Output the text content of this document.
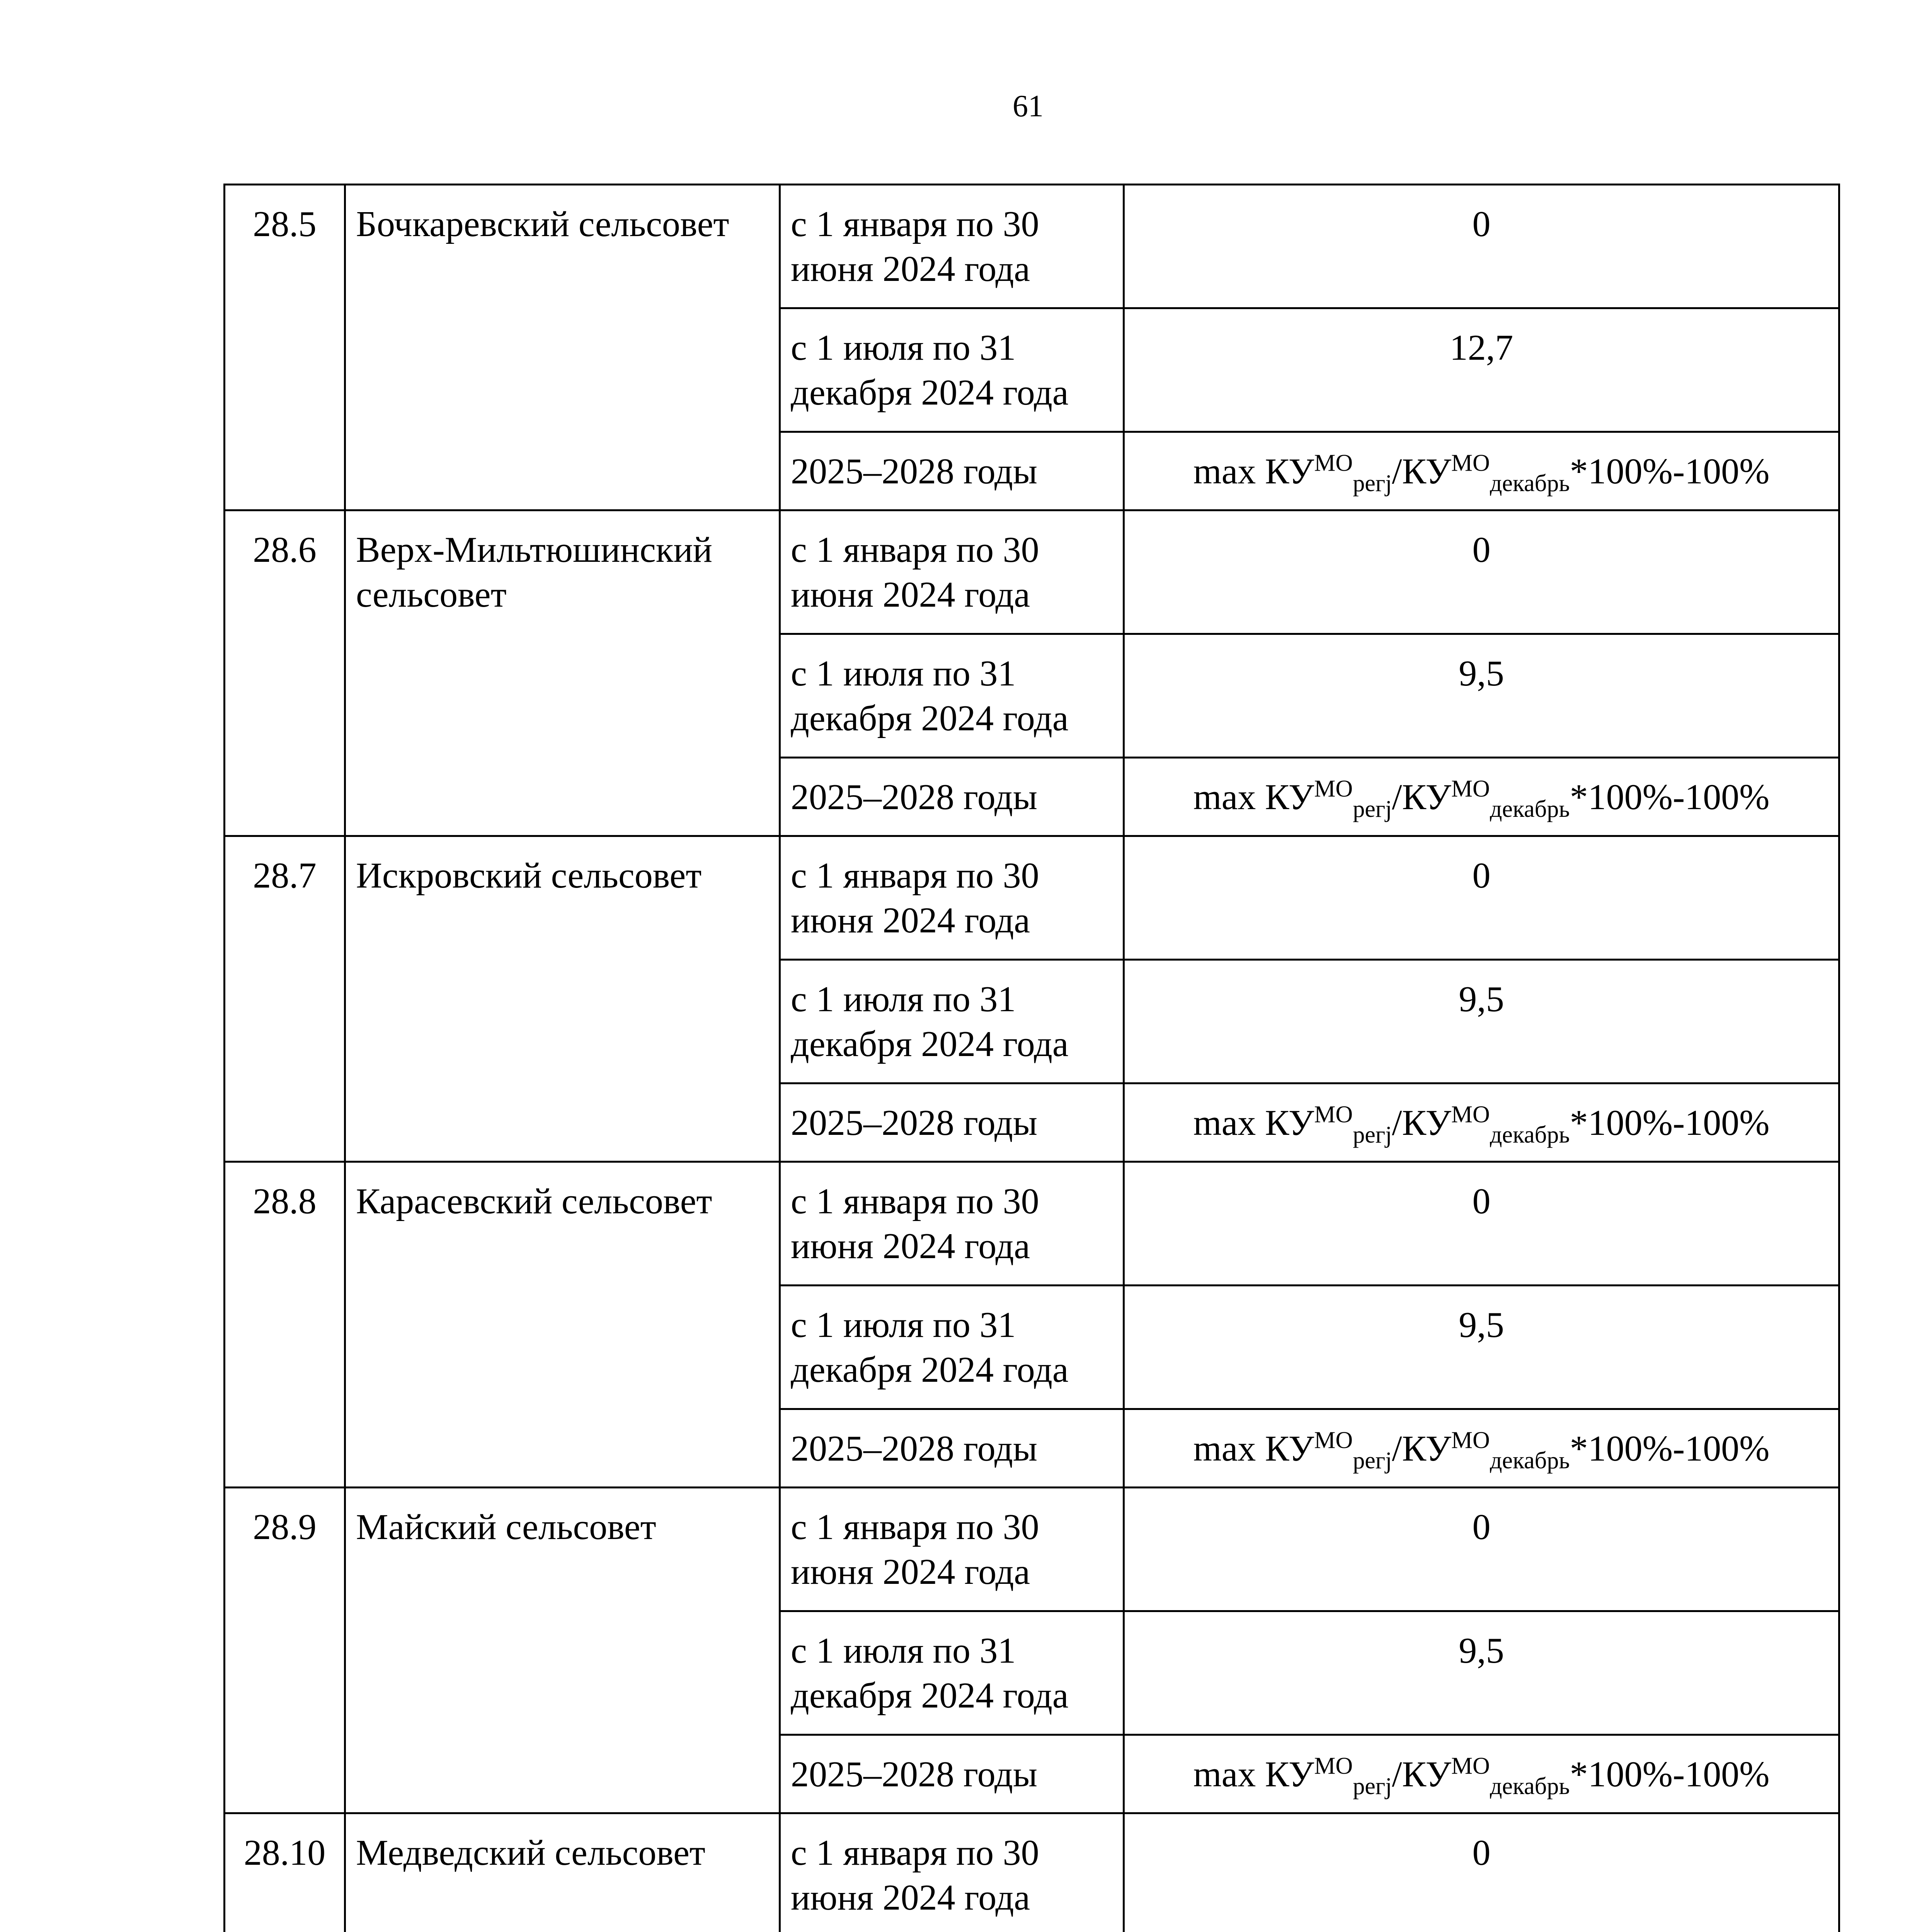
61
28.5	Бочкаревский сельсовет	с 1 января по 30 июня 2024 года	0
		с 1 июля по 31 декабря 2024 года	12,7
		2025–2028 годы	$\max КУ^{МО}_{регj}/КУ^{МО}_{декабрь}*100\%-100\%$
28.6	Верх-Мильтюшинский сельсовет	с 1 января по 30 июня 2024 года	0
		с 1 июля по 31 декабря 2024 года	9,5
		2025–2028 годы	$\max КУ^{МО}_{регj}/КУ^{МО}_{декабрь}*100\%-100\%$
28.7	Искровский сельсовет	с 1 января по 30 июня 2024 года	0
		с 1 июля по 31 декабря 2024 года	9,5
		2025–2028 годы	$\max КУ^{МО}_{регj}/КУ^{МО}_{декабрь}*100\%-100\%$
28.8	Карасевский сельсовет	с 1 января по 30 июня 2024 года	0
		с 1 июля по 31 декабря 2024 года	9,5
		2025–2028 годы	$\max КУ^{МО}_{регj}/КУ^{МО}_{декабрь}*100\%-100\%$
28.9	Майский сельсовет	с 1 января по 30 июня 2024 года	0
		с 1 июля по 31 декабря 2024 года	9,5
		2025–2028 годы	$\max КУ^{МО}_{регj}/КУ^{МО}_{декабрь}*100\%-100\%$
28.10	Медведский сельсовет	с 1 января по 30 июня 2024 года	0
